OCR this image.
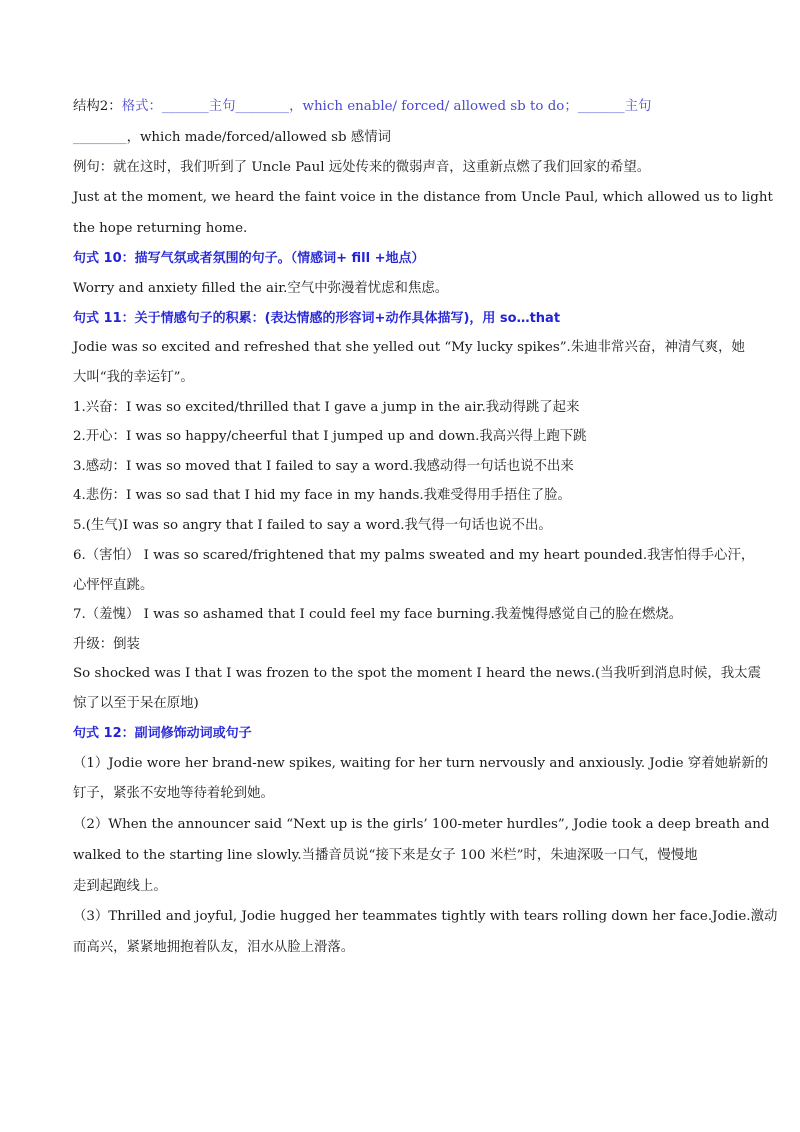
结构2：格式：_______主句________，which enable/ forced/ allowed sb to do；_______主句
________，which made/forced/allowed sb 感情词
例句：就在这时，我们听到了 Uncle Paul 远处传来的微弱声音，这重新点燃了我们回家的希望。
Just at the moment, we heard the faint voice in the distance from Uncle Paul, which allowed us to light
the hope returning home.
句式 10：描写气氛或者氛围的句子。（情感词+ fill +地点）
Worry and anxiety filled the air.空气中弥漫着忧虑和焦虑。
句式 11：关于情感句子的积累：(表达情感的形容词+动作具体描写)，用 so…that
Jodie was so excited and refreshed that she yelled out “My lucky spikes”.朱迪非常兴奋，神清气爽，她
大叫“我的幸运钉”。
1.兴奋：I was so excited/thrilled that I gave a jump in the air.我动得跳了起来
2.开心：I was so happy/cheerful that I jumped up and down.我高兴得上跑下跳
3.感动：I was so moved that I failed to say a word.我感动得一句话也说不出来
4.悲伤：I was so sad that I hid my face in my hands.我难受得用手捂住了脸。
5.(生气)I was so angry that I failed to say a word.我气得一句话也说不出。
6.（害怕） I was so scared/frightened that my palms sweated and my heart pounded.我害怕得手心汗，
心怦怦直跳。
7.（羞愧） I was so ashamed that I could feel my face burning.我羞愧得感觉自己的脸在燃烧。
升级：倒装
So shocked was I that I was frozen to the spot the moment I heard the news.(当我听到消息时候，我太震
惊了以至于呆在原地)
句式 12：副词修饰动词或句子
（1）Jodie wore her brand-new spikes, waiting for her turn nervously and anxiously. Jodie 穿着她崭新的
钉子，紧张不安地等待着轮到她。
（2）When the announcer said “Next up is the girls’ 100-meter hurdles”, Jodie took a deep breath and
walked to the starting line slowly.当播音员说“接下来是女子 100 米栏”时，朱迪深吸一口气，慢慢地
走到起跑线上。
（3）Thrilled and joyful, Jodie hugged her teammates tightly with tears rolling down her face.Jodie.激动
而高兴，紧紧地拥抱着队友，泪水从脸上滑落。
